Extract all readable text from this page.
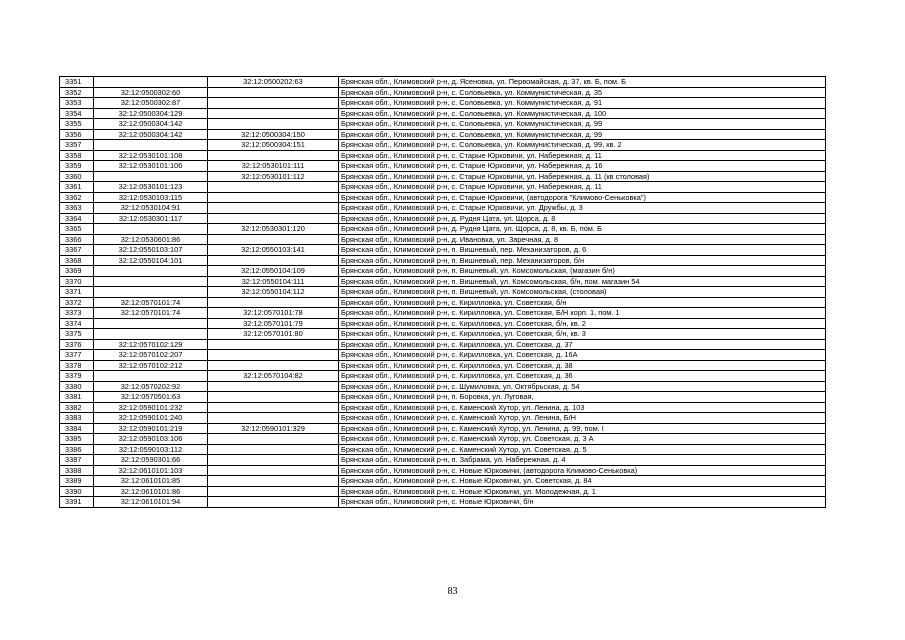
3351		32:12:0500202:63	Брянская обл., Климовский р-н, д. Ясеновка, ул. Первомайская, д. 37, кв. Б, пом. Б
3352	32:12:0500302:60		Брянская обл., Климовский р-н, с. Соловьевка, ул. Коммунистическая, д. 35
3353	32:12:0500302:87		Брянская обл., Климовский р-н, с. Соловьевка, ул. Коммунистическая, д. 91
3354	32:12:0500304:129		Брянская обл., Климовский р-н, с. Соловьевка, ул. Коммунистическая, д. 100
3355	32:12:0500304:142		Брянская обл., Климовский р-н, с. Соловьевка, ул. Коммунистическая, д. 99
3356	32:12:0500304:142	32:12:0500304:150	Брянская обл., Климовский р-н, с. Соловьевка, ул. Коммунистическая, д. 99
3357		32:12:0500304:151	Брянская обл., Климовский р-н, с. Соловьевка, ул. Коммунистическая, д. 99, кв. 2
3358	32:12:0530101:108		Брянская обл., Климовский р-н, с. Старые Юрковичи, ул. Набережная, д. 11
3359	32:12:0530101:106	32:12:0530101:111	Брянская обл., Климовский р-н, с. Старые Юрковичи, ул. Набережная, д. 16
3360		32:12:0530101:112	Брянская обл., Климовский р-н, с. Старые Юрковичи, ул. Набережная, д. 11 (кв столовая)
3361	32:12:0530101:123		Брянская обл., Климовский р-н, с. Старые Юрковичи, ул. Набережная, д. 11
3362	32:12:0530103:115		Брянская обл., Климовский р-н, с. Старые Юрковичи, (автодорога "Климово-Сеньковка")
3363	32:12:0530104:91		Брянская обл., Климовский р-н, с. Старые Юрковичи, ул. Дружбы, д. 3
3364	32:12:0530301:117		Брянская обл., Климовский р-н, д. Рудня Цата, ул. Щорса, д. 8
3365		32:12:0530301:120	Брянская обл., Климовский р-н, д. Рудня Цата, ул. Щорса, д. 8, кв. Б, пом. Б
3366	32:12:0530601:86		Брянская обл., Климовский р-н, д. Ивановка, ул. Заречная, д. 8
3367	32:12:0550103:107	32:12:0550103:141	Брянская обл., Климовский р-н, п. Вишневый, пер. Механизаторов, д. 6
3368	32:12:0550104:101		Брянская обл., Климовский р-н, п. Вишневый, пер. Механизаторов, б/н
3369		32:12:0550104:109	Брянская обл., Климовский р-н, п. Вишневый, ул. Комсомольская, (магазин б/н)
3370		32:12:0550104:111	Брянская обл., Климовский р-н, п. Вишневый, ул. Комсомольская, б/н, пом. магазин 54
3371		32:12:0550104:112	Брянская обл., Климовский р-н, п. Вишневый, ул. Комсомольская, (столовая)
3372	32:12:0570101:74		Брянская обл., Климовский р-н, с. Кирилловка, ул. Советская, б/н
3373	32:12:0570101:74	32:12:0570101:78	Брянская обл., Климовский р-н, с. Кирилловка, ул. Советская, Б/Н корп. 1, пом. 1
3374		32:12:0570101:79	Брянская обл., Климовский р-н, с. Кирилловка, ул. Советская, б/н, кв. 2
3375		32:12:0570101:80	Брянская обл., Климовский р-н, с. Кирилловка, ул. Советская, б/н, кв. 3
3376	32:12:0570102:129		Брянская обл., Климовский р-н, с. Кирилловка, ул. Советская, д. 37
3377	32:12:0570102:207		Брянская обл., Климовский р-н, с. Кирилловка, ул. Советская, д. 16А
3378	32:12:0570102:212		Брянская обл., Климовский р-н, с. Кирилловка, ул. Советская, д. 38
3379		32:12:0570104:82	Брянская обл., Климовский р-н, с. Кирилловка, ул. Советская, д. 36
3380	32:12:0570202:92		Брянская обл., Климовский р-н, с. Шумиловка, ул. Октябрьская, д. 54
3381	32:12:0570501:63		Брянская обл., Климовский р-н, п. Боровка, ул. Луговая,
3382	32:12:0590101:232		Брянская обл., Климовский р-н, с. Каменский Хутор, ул. Ленина, д. 103
3383	32:12:0590101:240		Брянская обл., Климовский р-н, с. Каменский Хутор, ул. Ленина, Б/Н
3384	32:12:0590101:219	32:12:0590101:329	Брянская обл., Климовский р-н, с. Каменский Хутор, ул. Ленина, д. 99, пом. I
3385	32:12:0590103:106		Брянская обл., Климовский р-н, с. Каменский Хутор, ул. Советская, д. 3 А
3386	32:12:0590103:112		Брянская обл., Климовский р-н, с. Каменский Хутор, ул. Советская, д. 5
3387	32:12:0590301:66		Брянская обл., Климовский р-н, п. Забрама, ул. Набережная, д. 4
3388	32:12:0610101:103		Брянская обл., Климовский р-н, с. Новые Юрковичи, (автодорога Климово-Сеньковка)
3389	32:12:0610101:85		Брянская обл., Климовский р-н, с. Новые Юрковичи, ул. Советская, д. 84
3390	32:12:0610101:86		Брянская обл., Климовский р-н, с. Новые Юрковичи, ул. Молодежная, д. 1
3391	32:12:0610101:94		Брянская обл., Климовский р-н, с. Новые Юрковичи, б/н
83
